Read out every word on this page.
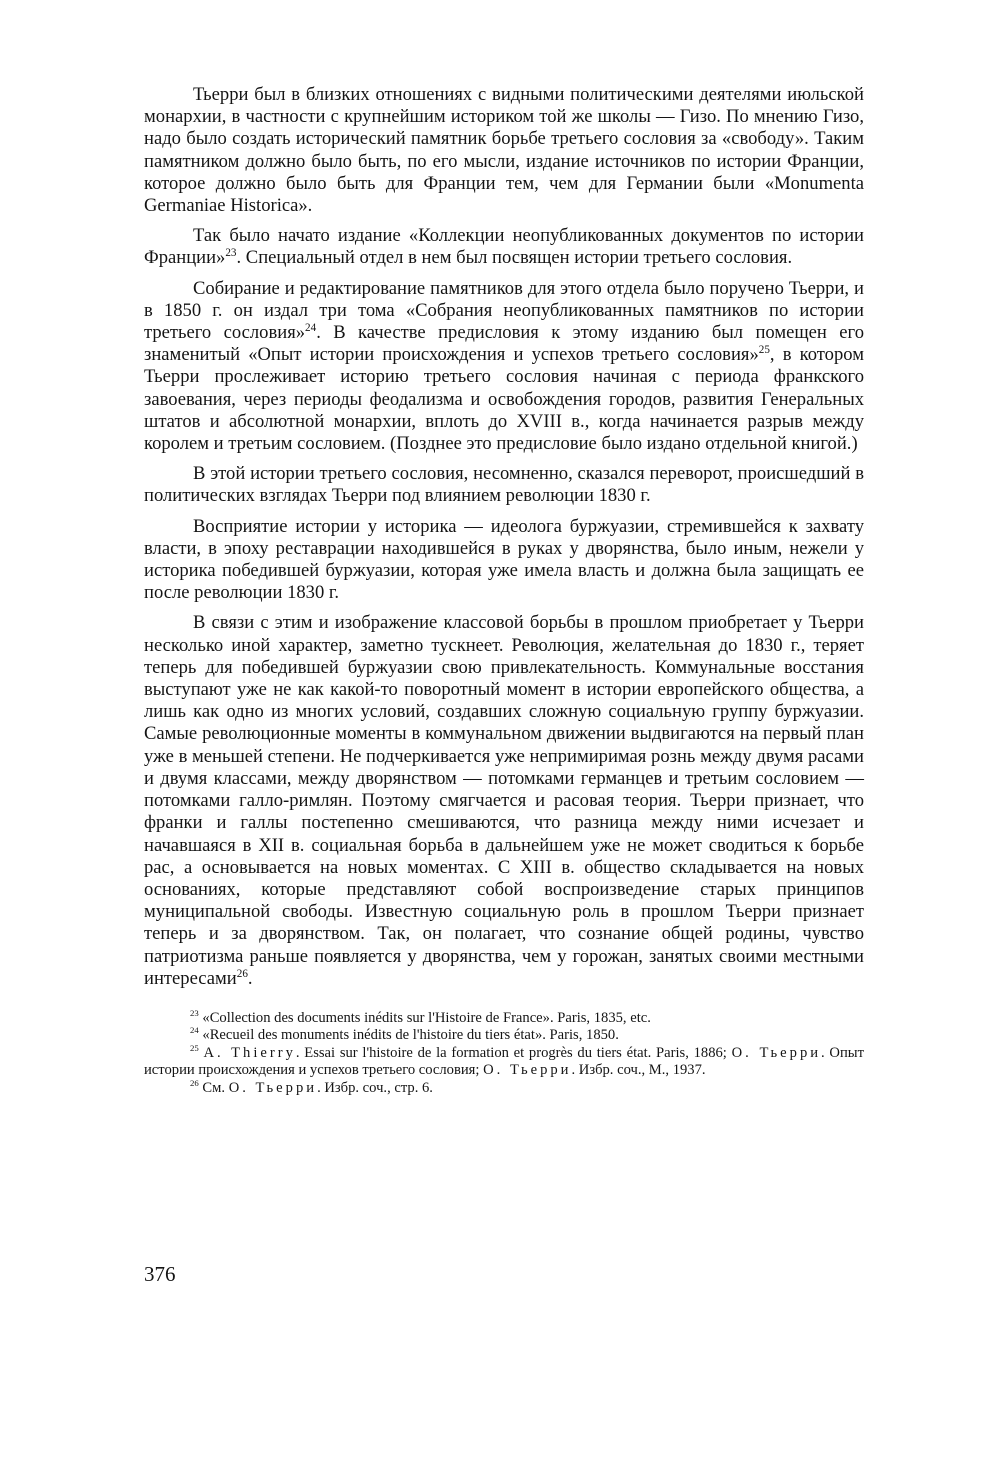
Тьерри был в близких отношениях с видными политическими деятелями июльской монархии, в частности с крупнейшим историком той же школы — Гизо. По мнению Гизо, надо было создать исторический памятник борьбе третьего сословия за «свободу». Таким памятником должно было быть, по его мысли, издание источников по истории Франции, которое должно было быть для Франции тем, чем для Германии были «Monumenta Germaniae Historica».

Так было начато издание «Коллекции неопубликованных документов по истории Франции»$^{23}$. Специальный отдел в нем был посвящен истории третьего сословия.

Собирание и редактирование памятников для этого отдела было поручено Тьерри, и в 1850 г. он издал три тома «Собрания неопубликованных памятников по истории третьего сословия»$^{24}$. В качестве предисловия к этому изданию был помещен его знаменитый «Опыт истории происхождения и успехов третьего сословия»$^{25}$, в котором Тьерри прослеживает историю третьего сословия начиная с периода франкского завоевания, через периоды феодализма и освобождения городов, развития Генеральных штатов и абсолютной монархии, вплоть до XVIII в., когда начинается разрыв между королем и третьим сословием. (Позднее это предисловие было издано отдельной книгой.)

В этой истории третьего сословия, несомненно, сказался переворот, происшедший в политических взглядах Тьерри под влиянием революции 1830 г.

Восприятие истории у историка — идеолога буржуазии, стремившейся к захвату власти, в эпоху реставрации находившейся в руках у дворянства, было иным, нежели у историка победившей буржуазии, которая уже имела власть и должна была защищать ее после революции 1830 г.

В связи с этим и изображение классовой борьбы в прошлом приобретает у Тьерри несколько иной характер, заметно тускнеет. Революция, желательная до 1830 г., теряет теперь для победившей буржуазии свою привлекательность. Коммунальные восстания выступают уже не как какой-то поворотный момент в истории европейского общества, а лишь как одно из многих условий, создавших сложную социальную группу буржуазии. Самые революционные моменты в коммунальном движении выдвигаются на первый план уже в меньшей степени. Не подчеркивается уже непримиримая рознь между двумя расами и двумя классами, между дворянством — потомками германцев и третьим сословием — потомками галло-римлян. Поэтому смягчается и расовая теория. Тьерри признает, что франки и галлы постепенно смешиваются, что разница между ними исчезает и начавшаяся в XII в. социальная борьба в дальнейшем уже не может сводиться к борьбе рас, а основывается на новых моментах. С XIII в. общество складывается на новых основаниях, которые представляют собой воспроизведение старых принципов муниципальной свободы. Известную социальную роль в прошлом Тьерри признает теперь и за дворянством. Так, он полагает, что сознание общей родины, чувство патриотизма раньше появляется у дворянства, чем у горожан, занятых своими местными интересами$^{26}$.

$^{23}$ «Collection des documents inédits sur l'Histoire de France». Paris, 1835, etc.

$^{24}$ «Recueil des monuments inédits de l'histoire du tiers état». Paris, 1850.

$^{25}$ A. Thierry. Essai sur l'histoire de la formation et progrès du tiers état. Paris, 1886; О. Тьерри. Опыт истории происхождения и успехов третьего сословия; О. Тьерри. Избр. соч., М., 1937.

$^{26}$ См. О. Тьерри. Избр. соч., стр. 6.

376
